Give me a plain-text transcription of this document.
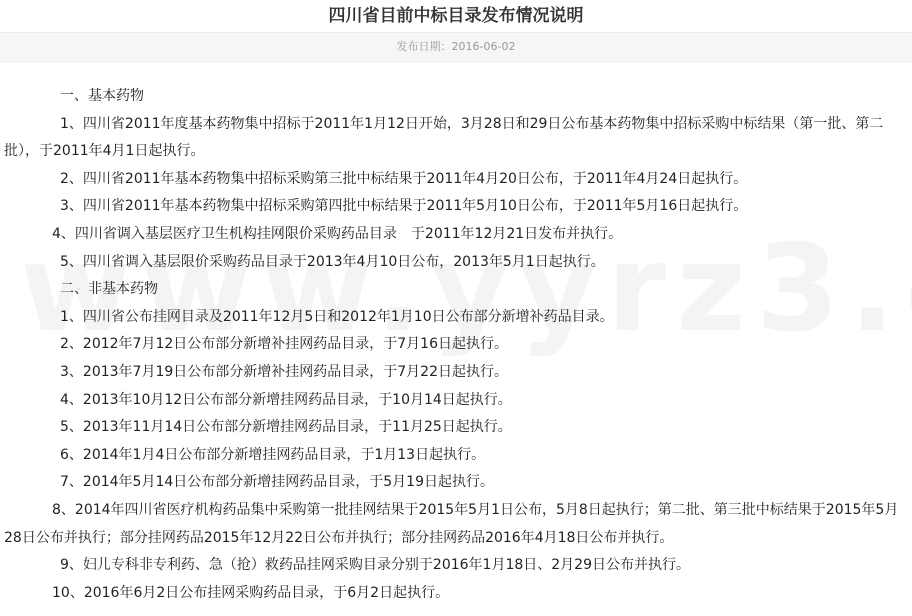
四川省目前中标目录发布情况说明
发布日期：2016-06-02

一、基本药物

1、四川省2011年度基本药物集中招标于2011年1月12日开始，3月28日和29日公布基本药物集中招标采购中标结果（第一批、第二批），于2011年4月1日起执行。

2、四川省2011年基本药物集中招标采购第三批中标结果于2011年4月20日公布，于2011年4月24日起执行。

3、四川省2011年基本药物集中招标采购第四批中标结果于2011年5月10日公布，于2011年5月16日起执行。

4、四川省调入基层医疗卫生机构挂网限价采购药品目录　于2011年12月21日发布并执行。

5、四川省调入基层限价采购药品目录于2013年4月10日公布，2013年5月1日起执行。

二、非基本药物

1、四川省公布挂网目录及2011年12月5日和2012年1月10日公布部分新增补药品目录。

2、2012年7月12日公布部分新增补挂网药品目录，于7月16日起执行。

3、2013年7月19日公布部分新增补挂网药品目录，于7月22日起执行。

4、2013年10月12日公布部分新增挂网药品目录，于10月14日起执行。

5、2013年11月14日公布部分新增挂网药品目录，于11月25日起执行。

6、2014年1月4日公布部分新增挂网药品目录，于1月13日起执行。

7、2014年5月14日公布部分新增挂网药品目录，于5月19日起执行。

8、2014年四川省医疗机构药品集中采购第一批挂网结果于2015年5月1日公布，5月8日起执行；第二批、第三批中标结果于2015年5月28日公布并执行；部分挂网药品2015年12月22日公布并执行；部分挂网药品2016年4月18日公布并执行。

9、妇儿专科非专利药、急（抢）救药品挂网采购目录分别于2016年1月18日、2月29日公布并执行。

10、2016年6月2日公布挂网采购药品目录，于6月2日起执行。
